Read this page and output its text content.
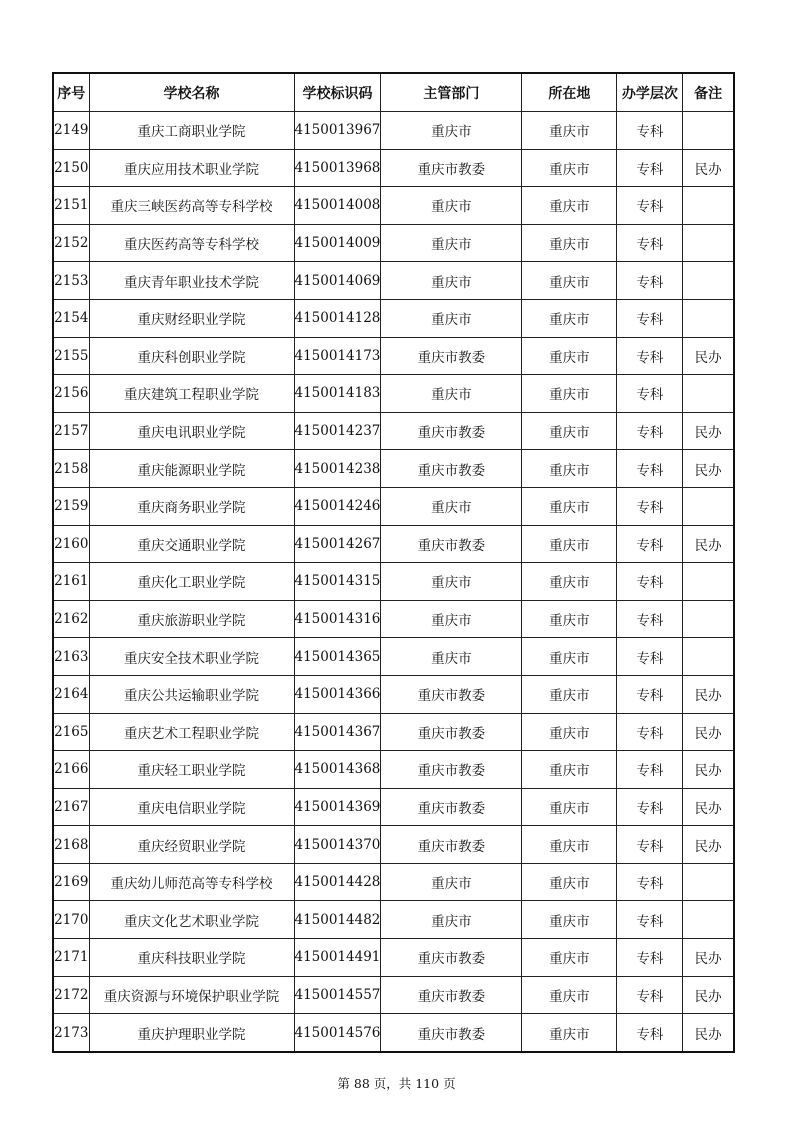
序号	学校名称	学校标识码	主管部门	所在地	办学层次	备注
2149	重庆工商职业学院	4150013967	重庆市	重庆市	专科	
2150	重庆应用技术职业学院	4150013968	重庆市教委	重庆市	专科	民办
2151	重庆三峡医药高等专科学校	4150014008	重庆市	重庆市	专科	
2152	重庆医药高等专科学校	4150014009	重庆市	重庆市	专科	
2153	重庆青年职业技术学院	4150014069	重庆市	重庆市	专科	
2154	重庆财经职业学院	4150014128	重庆市	重庆市	专科	
2155	重庆科创职业学院	4150014173	重庆市教委	重庆市	专科	民办
2156	重庆建筑工程职业学院	4150014183	重庆市	重庆市	专科	
2157	重庆电讯职业学院	4150014237	重庆市教委	重庆市	专科	民办
2158	重庆能源职业学院	4150014238	重庆市教委	重庆市	专科	民办
2159	重庆商务职业学院	4150014246	重庆市	重庆市	专科	
2160	重庆交通职业学院	4150014267	重庆市教委	重庆市	专科	民办
2161	重庆化工职业学院	4150014315	重庆市	重庆市	专科	
2162	重庆旅游职业学院	4150014316	重庆市	重庆市	专科	
2163	重庆安全技术职业学院	4150014365	重庆市	重庆市	专科	
2164	重庆公共运输职业学院	4150014366	重庆市教委	重庆市	专科	民办
2165	重庆艺术工程职业学院	4150014367	重庆市教委	重庆市	专科	民办
2166	重庆轻工职业学院	4150014368	重庆市教委	重庆市	专科	民办
2167	重庆电信职业学院	4150014369	重庆市教委	重庆市	专科	民办
2168	重庆经贸职业学院	4150014370	重庆市教委	重庆市	专科	民办
2169	重庆幼儿师范高等专科学校	4150014428	重庆市	重庆市	专科	
2170	重庆文化艺术职业学院	4150014482	重庆市	重庆市	专科	
2171	重庆科技职业学院	4150014491	重庆市教委	重庆市	专科	民办
2172	重庆资源与环境保护职业学院	4150014557	重庆市教委	重庆市	专科	民办
2173	重庆护理职业学院	4150014576	重庆市教委	重庆市	专科	民办
第 88 页，共 110 页
